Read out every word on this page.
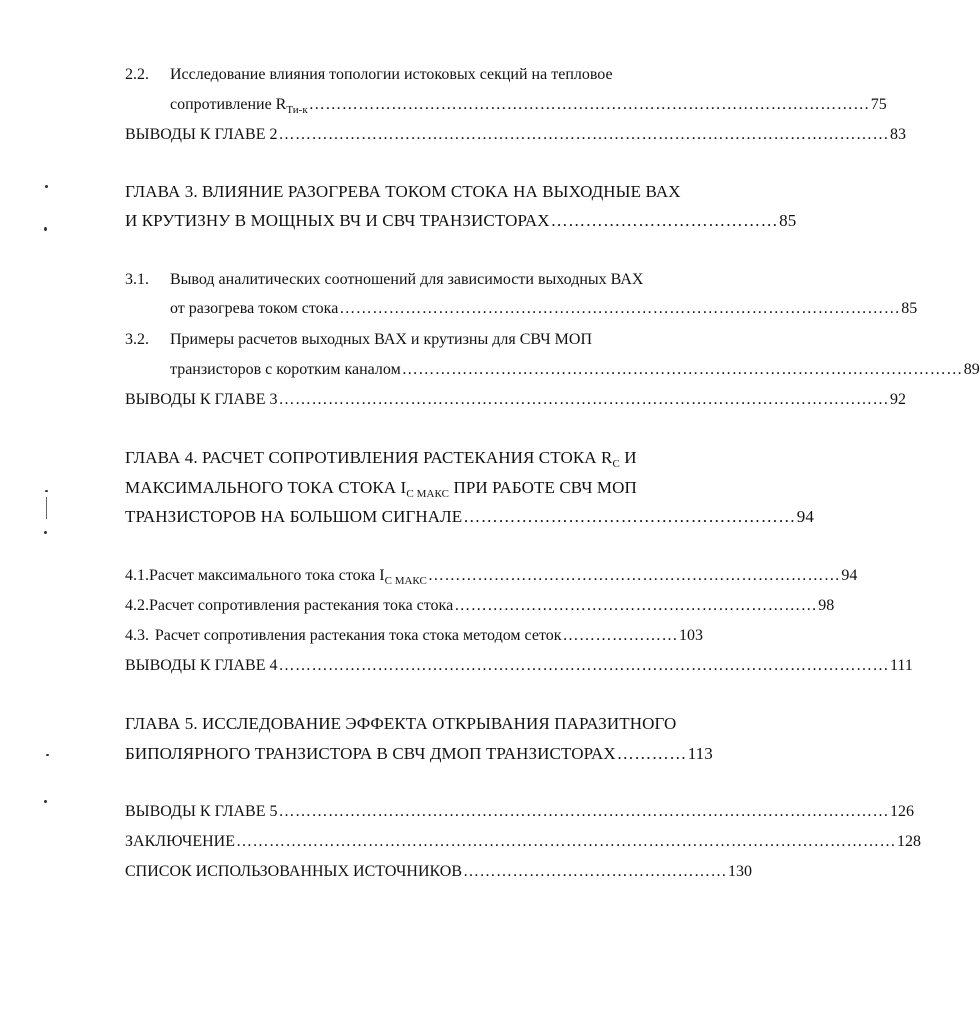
2.2.	Исследование влияния топологии истоковых секций на тепловое
сопротивление $R_{Ти-к}$ ………………………………………………………………………………………… 75
ВЫВОДЫ К ГЛАВЕ 2 ………………………………………………………………………………………………… 83
ГЛАВА 3. ВЛИЯНИЕ РАЗОГРЕВА ТОКОМ СТОКА НА ВЫХОДНЫЕ ВАХ
И КРУТИЗНУ В МОЩНЫХ ВЧ И СВЧ ТРАНЗИСТОРАХ ………………………………… 85
3.1.	Вывод аналитических соотношений для зависимости выходных ВАХ
от разогрева током стока ………………………………………………………………………………………… 85
3.2.	Примеры расчетов выходных ВАХ и крутизны для СВЧ МОП
транзисторов с коротким каналом ………………………………………………………………………………………… 89
ВЫВОДЫ К ГЛАВЕ 3 ………………………………………………………………………………………………… 92
ГЛАВА 4. РАСЧЕТ СОПРОТИВЛЕНИЯ РАСТЕКАНИЯ СТОКА $R_C$ И
МАКСИМАЛЬНОГО ТОКА СТОКА $I_{С МАКС}$ ПРИ РАБОТЕ СВЧ МОП
ТРАНЗИСТОРОВ НА БОЛЬШОМ СИГНАЛЕ ………………………………………………… 94
4.1. Расчет максимального тока стока $I_{C МАКС}$ ………………………………………………………………… 94
4.2. Расчет сопротивления растекания тока стока ………………………………………………………… 98
4.3. Расчет сопротивления растекания тока стока методом сеток ………………… 103
ВЫВОДЫ К ГЛАВЕ 4 ………………………………………………………………………………………………… 111
ГЛАВА 5. ИССЛЕДОВАНИЕ ЭФФЕКТА ОТКРЫВАНИЯ ПАРАЗИТНОГО
БИПОЛЯРНОГО ТРАНЗИСТОРА В СВЧ ДМОП ТРАНЗИСТОРАХ ………… 113
ВЫВОДЫ К ГЛАВЕ 5 ………………………………………………………………………………………………… 126
ЗАКЛЮЧЕНИЕ ………………………………………………………………………………………………………… 128
СПИСОК ИСПОЛЬЗОВАННЫХ ИСТОЧНИКОВ ………………………………………… 130
